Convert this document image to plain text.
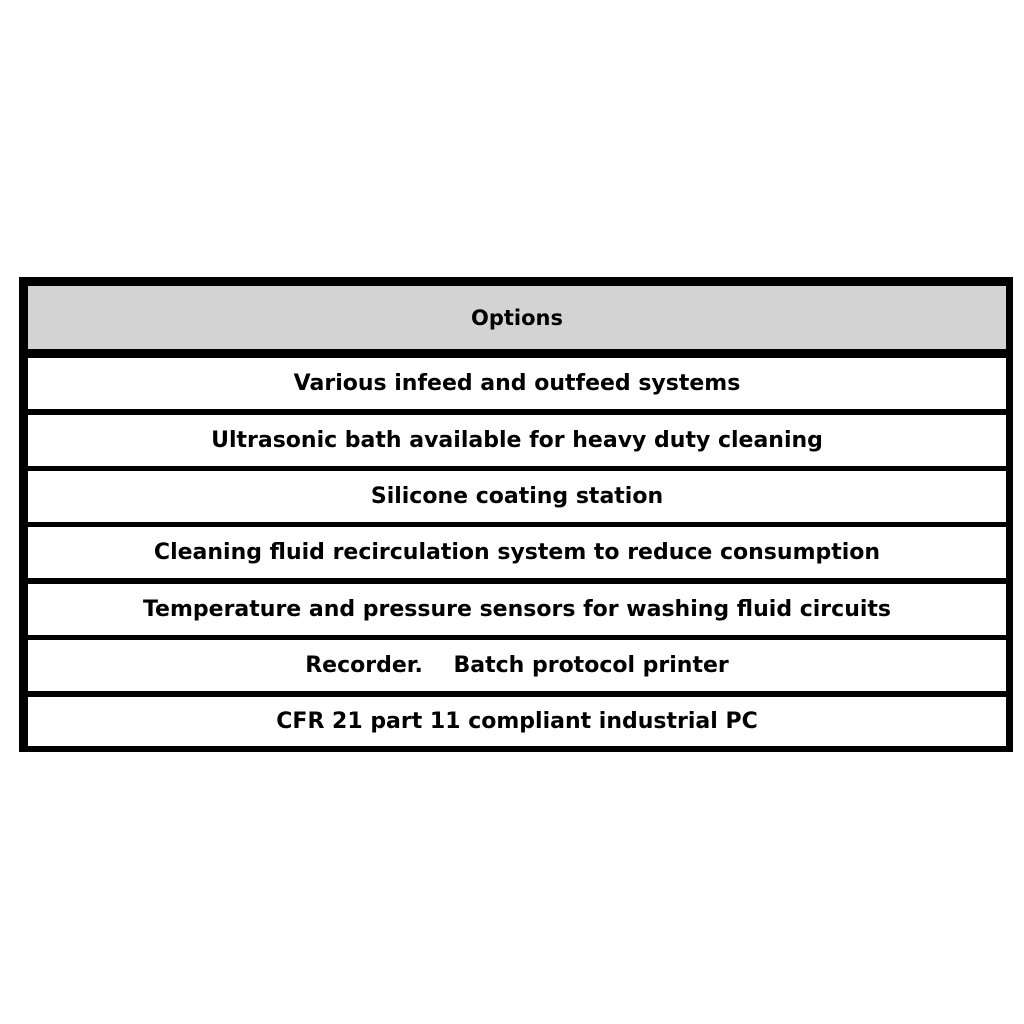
Options
Various infeed and outfeed systems
Ultrasonic bath available for heavy duty cleaning
Silicone coating station
Cleaning fluid recirculation system to reduce consumption
Temperature and pressure sensors for washing fluid circuits
Recorder.    Batch protocol printer
CFR 21 part 11 compliant industrial PC
